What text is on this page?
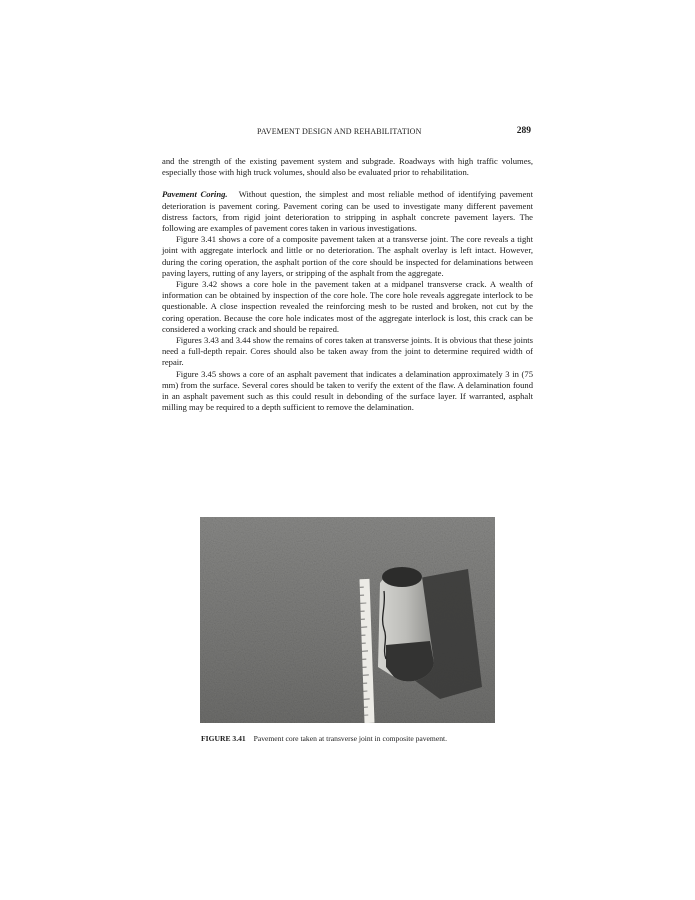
PAVEMENT DESIGN AND REHABILITATION	289

and the strength of the existing pavement system and subgrade. Roadways with high traffic volumes, especially those with high truck volumes, should also be evaluated prior to rehabilitation.

Pavement Coring. Without question, the simplest and most reliable method of identifying pavement deterioration is pavement coring. Pavement coring can be used to investigate many different pavement distress factors, from rigid joint deterioration to stripping in asphalt concrete pavement layers. The following are examples of pavement cores taken in various investigations.

Figure 3.41 shows a core of a composite pavement taken at a transverse joint. The core reveals a tight joint with aggregate interlock and little or no deterioration. The asphalt overlay is left intact. However, during the coring operation, the asphalt portion of the core should be inspected for delaminations between paving layers, rutting of any layers, or stripping of the asphalt from the aggregate.

Figure 3.42 shows a core hole in the pavement taken at a midpanel transverse crack. A wealth of information can be obtained by inspection of the core hole. The core hole reveals aggregate interlock to be questionable. A close inspection revealed the reinforcing mesh to be rusted and broken, not cut by the coring operation. Because the core hole indicates most of the aggregate interlock is lost, this crack can be considered a working crack and should be repaired.

Figures 3.43 and 3.44 show the remains of cores taken at transverse joints. It is obvious that these joints need a full-depth repair. Cores should also be taken away from the joint to determine required width of repair.

Figure 3.45 shows a core of an asphalt pavement that indicates a delamination approximately 3 in (75 mm) from the surface. Several cores should be taken to verify the extent of the flaw. A delamination found in an asphalt pavement such as this could result in debonding of the surface layer. If warranted, asphalt milling may be required to a depth sufficient to remove the delamination.

FIGURE 3.41 Pavement core taken at transverse joint in composite pavement.
